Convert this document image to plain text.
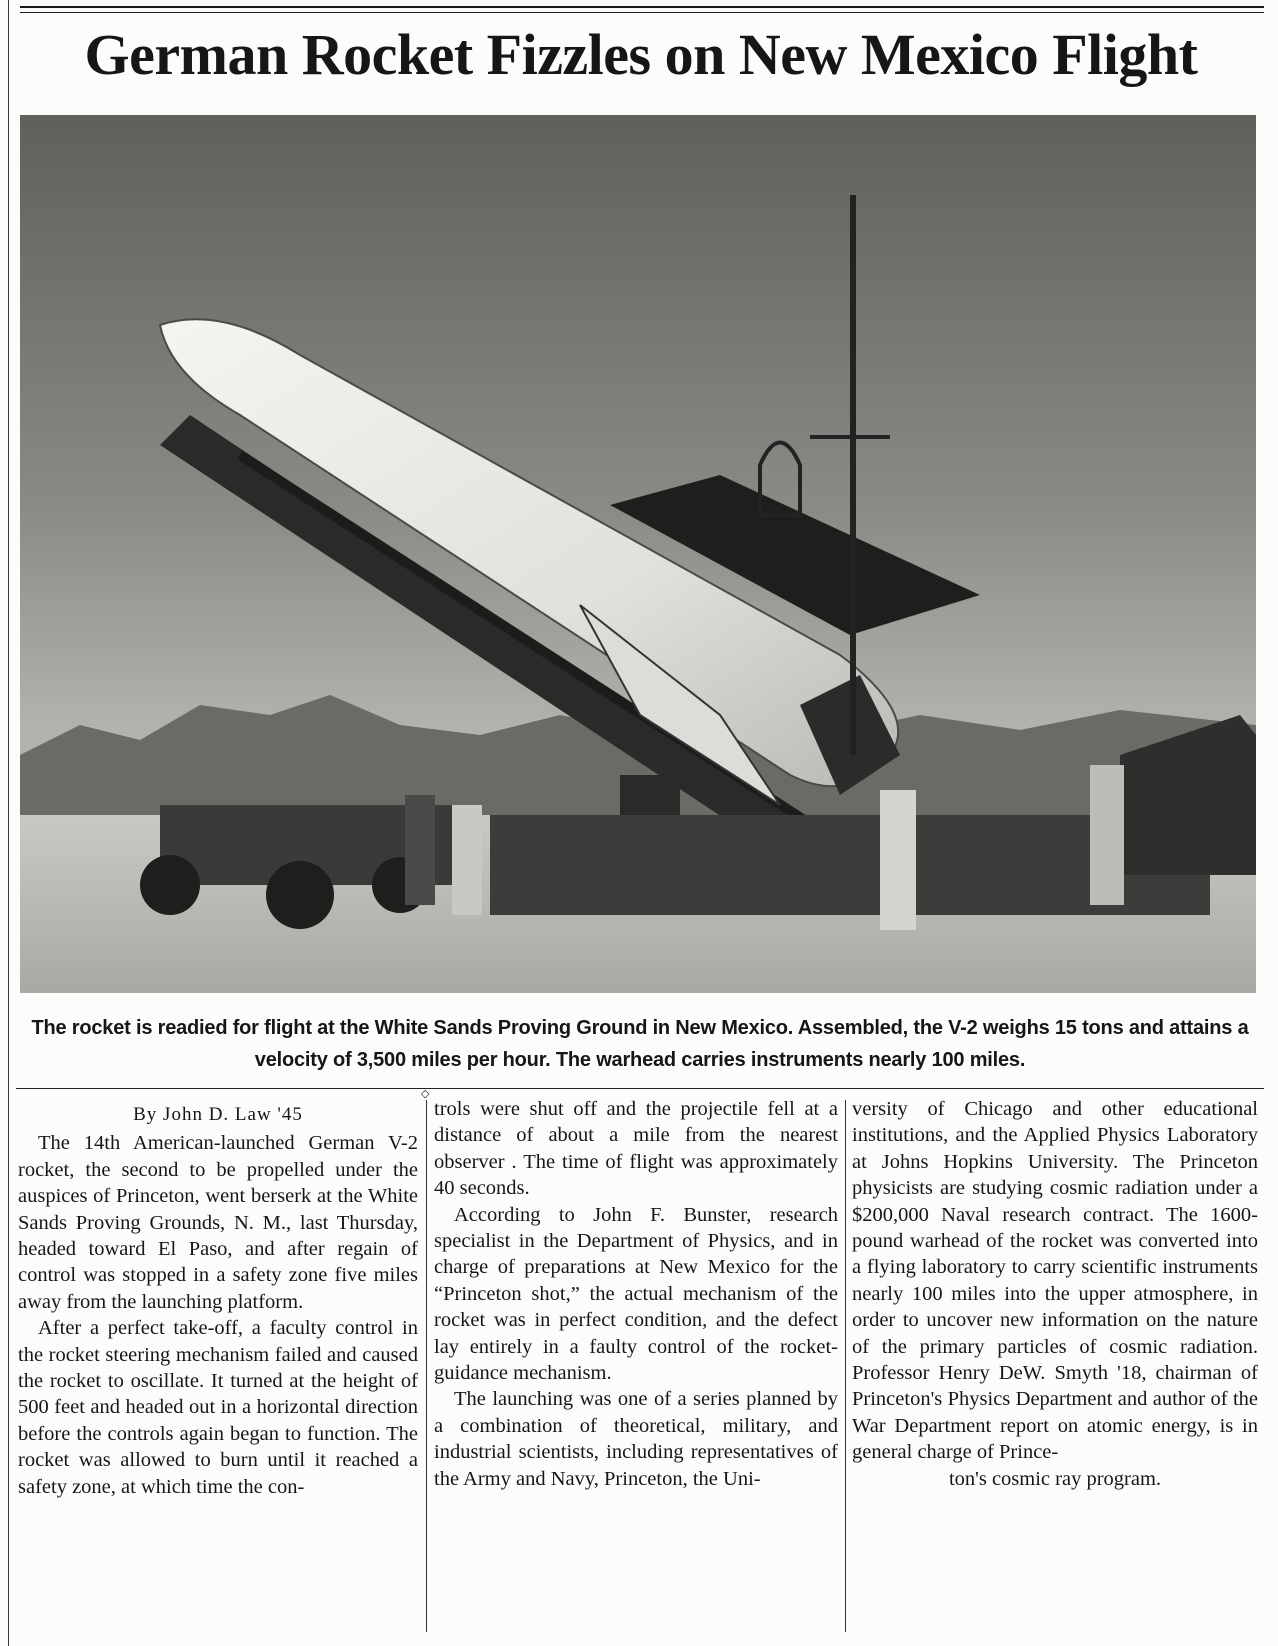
German Rocket Fizzles on New Mexico Flight
The rocket is readied for flight at the White Sands Proving Ground in New Mexico. Assembled, the V-2 weighs 15 tons and attains a velocity of 3,500 miles per hour. The warhead carries instruments nearly 100 miles.
◇
By John D. Law '45

The 14th American-launched German V-2 rocket, the second to be propelled under the auspices of Princeton, went berserk at the White Sands Proving Grounds, N. M., last Thursday, headed toward El Paso, and after regain of control was stopped in a safety zone five miles away from the launching platform.

After a perfect take-off, a faculty control in the rocket steering mechanism failed and caused the rocket to oscillate. It turned at the height of 500 feet and headed out in a horizontal direction before the controls again began to function. The rocket was allowed to burn until it reached a safety zone, at which time the con-

trols were shut off and the projectile fell at a distance of about a mile from the nearest observer . The time of flight was approximately 40 seconds.

According to John F. Bunster, research specialist in the Department of Physics, and in charge of preparations at New Mexico for the “Princeton shot,” the actual mechanism of the rocket was in perfect condition, and the defect lay entirely in a faulty control of the rocket-guidance mechanism.

The launching was one of a series planned by a combination of theoretical, military, and industrial scientists, including representatives of the Army and Navy, Princeton, the Uni-

versity of Chicago and other educational institutions, and the Applied Physics Laboratory at Johns Hopkins University. The Princeton physicists are studying cosmic radiation under a $200,000 Naval research contract. The 1600-pound warhead of the rocket was converted into a flying laboratory to carry scientific instruments nearly 100 miles into the upper atmosphere, in order to uncover new information on the nature of the primary particles of cosmic radiation. Professor Henry DeW. Smyth '18, chairman of Princeton's Physics Department and author of the War Department report on atomic energy, is in general charge of Prince-

ton's cosmic ray program.
